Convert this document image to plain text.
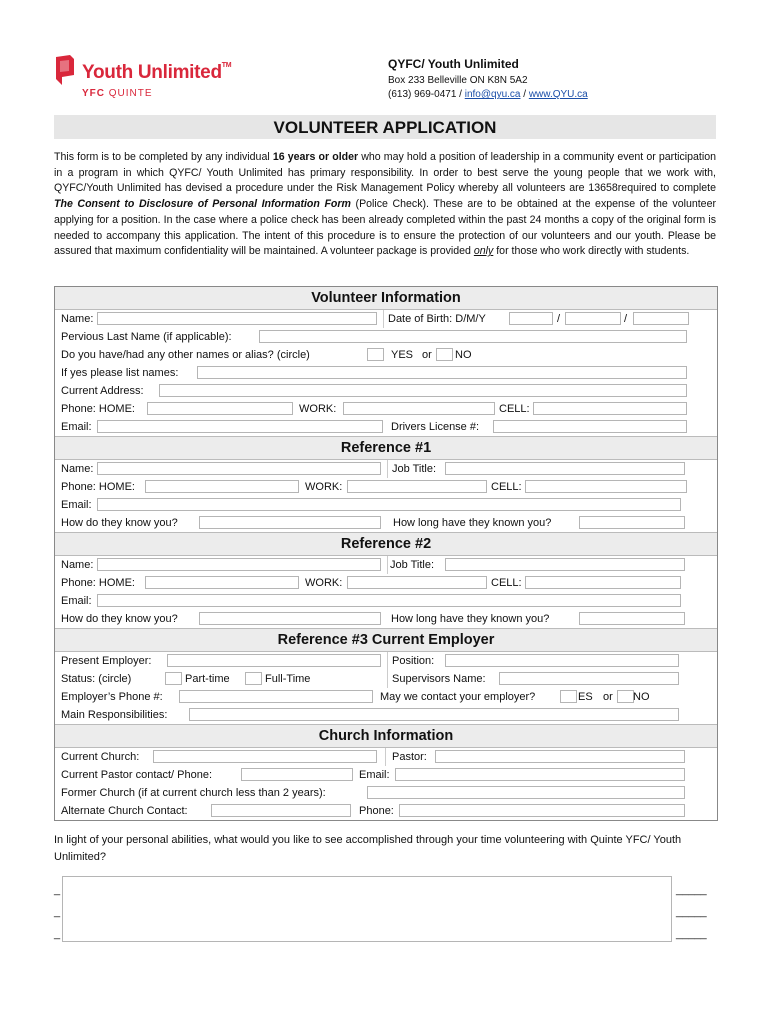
Youth Unlimited™
YFC QUINTE
QYFC/ Youth Unlimited
Box 233 Belleville ON K8N 5A2
(613) 969-0471 / info@qyu.ca / www.QYU.ca
VOLUNTEER APPLICATION
This form is to be completed by any individual 16 years or older who may hold a position of leadership in a community event or participation in a program in which QYFC/ Youth Unlimited has primary responsibility. In order to best serve the young people that we work with, QYFC/Youth Unlimited has devised a procedure under the Risk Management Policy whereby all volunteers are 13658required to complete The Consent to Disclosure of Personal Information Form (Police Check). These are to be obtained at the expense of the volunteer applying for a position. In the case where a police check has been already completed within the past 24 months a copy of the original form is needed to accompany this application. The intent of this procedure is to ensure the protection of our volunteers and our youth. Please be assured that maximum confidentiality will be maintained. A volunteer package is provided only for those who work directly with students.
Volunteer Information
Name:	Date of Birth: D/M/Y	/	/
Pervious Last Name (if applicable):
Do you have/had any other names or alias? (circle)	YES or NO
If yes please list names:
Current Address:
Phone: HOME:	WORK:	CELL:
Email:	Drivers License #:
Reference #1
Name:	Job Title:
Phone: HOME:	WORK:	CELL:
Email:
How do they know you?	How long have they known you?
Reference #2
Name:	Job Title:
Phone: HOME:	WORK:	CELL:
Email:
How do they know you?	How long have they known you?
Reference #3 Current Employer
Present Employer:	Position:
Status: (circle)	Part-time	Full-Time	Supervisors Name:
Employer’s Phone #:	May we contact your employer?	ES or NO
Main Responsibilities:
Church Information
Current Church:	Pastor:
Current Pastor contact/ Phone:	Email:
Former Church (if at current church less than 2 years):
Alternate Church Contact:	Phone:
In light of your personal abilities, what would you like to see accomplished through your time volunteering with Quinte YFC/ Youth Unlimited?
_	_____
_	_____
_	_____
